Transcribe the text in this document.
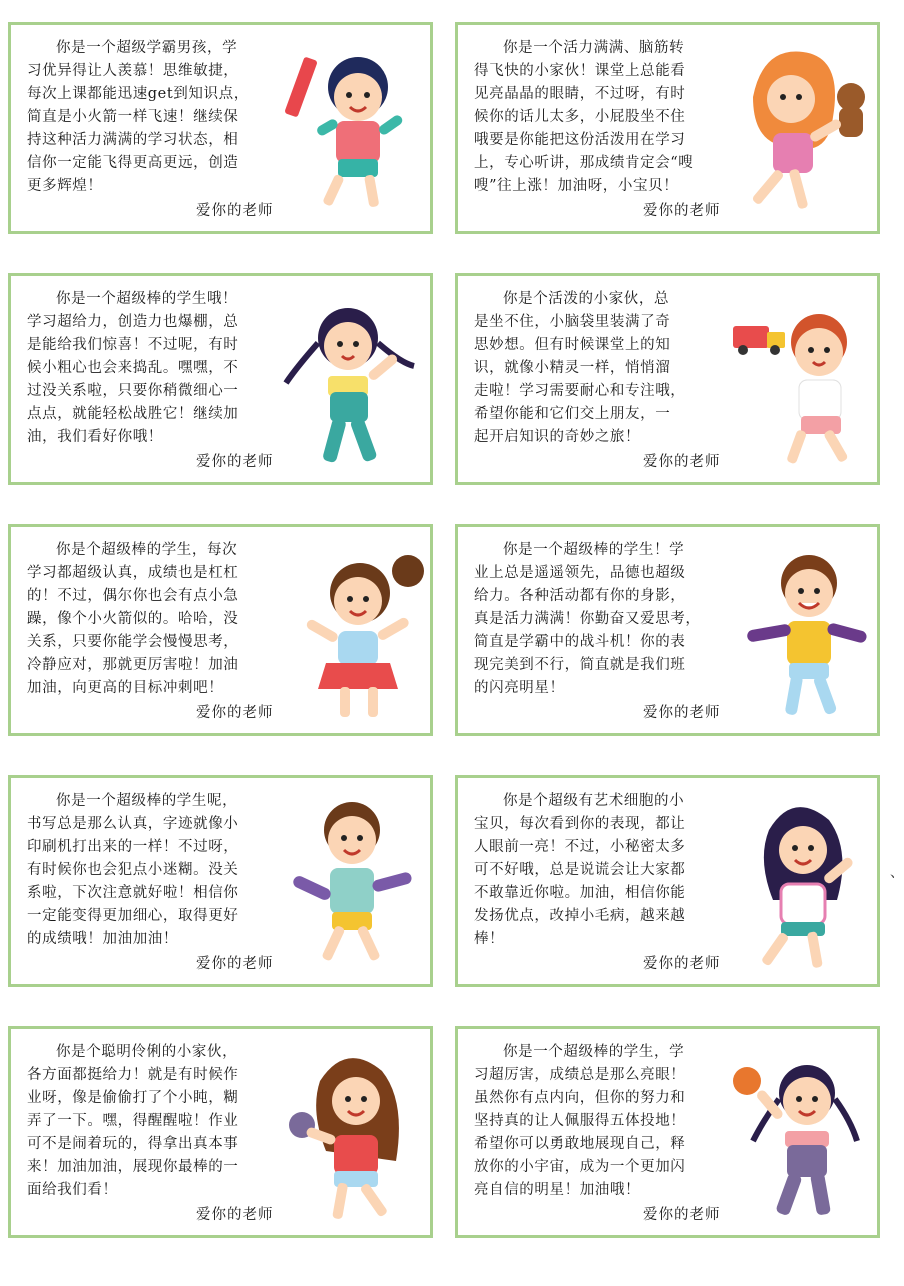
你是一个超级学霸男孩，学
习优异得让人羡慕！思维敏捷，
每次上课都能迅速get到知识点，
简直是小火箭一样飞速！继续保
持这种活力满满的学习状态，相
信你一定能飞得更高更远，创造
更多辉煌！

爱你的老师

你是一个活力满满、脑筋转
得飞快的小家伙！课堂上总能看
见亮晶晶的眼睛，不过呀，有时
候你的话儿太多，小屁股坐不住
哦要是你能把这份活泼用在学习
上，专心听讲，那成绩肯定会“嗖
嗖”往上涨！加油呀，小宝贝！

爱你的老师

你是一个超级棒的学生哦！
学习超给力，创造力也爆棚，总
是能给我们惊喜！不过呢，有时
候小粗心也会来捣乱。嘿嘿，不
过没关系啦，只要你稍微细心一
点点，就能轻松战胜它！继续加
油，我们看好你哦！

爱你的老师

你是个活泼的小家伙，总
是坐不住，小脑袋里装满了奇
思妙想。但有时候课堂上的知
识，就像小精灵一样，悄悄溜
走啦！学习需要耐心和专注哦，
希望你能和它们交上朋友，一
起开启知识的奇妙之旅！

爱你的老师

你是个超级棒的学生，每次
学习都超级认真，成绩也是杠杠
的！不过，偶尔你也会有点小急
躁，像个小火箭似的。哈哈，没
关系，只要你能学会慢慢思考，
冷静应对，那就更厉害啦！加油
加油，向更高的目标冲刺吧！

爱你的老师

你是一个超级棒的学生！学
业上总是遥遥领先，品德也超级
给力。各种活动都有你的身影，
真是活力满满！你勤奋又爱思考，
简直是学霸中的战斗机！你的表
现完美到不行，简直就是我们班
的闪亮明星！

爱你的老师

你是一个超级棒的学生呢，
书写总是那么认真，字迹就像小
印刷机打出来的一样！不过呀，
有时候你也会犯点小迷糊。没关
系啦，下次注意就好啦！相信你
一定能变得更加细心，取得更好
的成绩哦！加油加油！

爱你的老师

你是个超级有艺术细胞的小
宝贝，每次看到你的表现，都让
人眼前一亮！不过，小秘密太多
可不好哦，总是说谎会让大家都
不敢靠近你啦。加油，相信你能
发扬优点，改掉小毛病，越来越
棒！

爱你的老师

你是个聪明伶俐的小家伙，
各方面都挺给力！就是有时候作
业呀，像是偷偷打了个小盹，糊
弄了一下。嘿，得醒醒啦！作业
可不是闹着玩的，得拿出真本事
来！加油加油，展现你最棒的一
面给我们看！

爱你的老师

你是一个超级棒的学生，学
习超厉害，成绩总是那么亮眼！
虽然你有点内向，但你的努力和
坚持真的让人佩服得五体投地！
希望你可以勇敢地展现自己，释
放你的小宇宙，成为一个更加闪
亮自信的明星！加油哦！

爱你的老师
、
